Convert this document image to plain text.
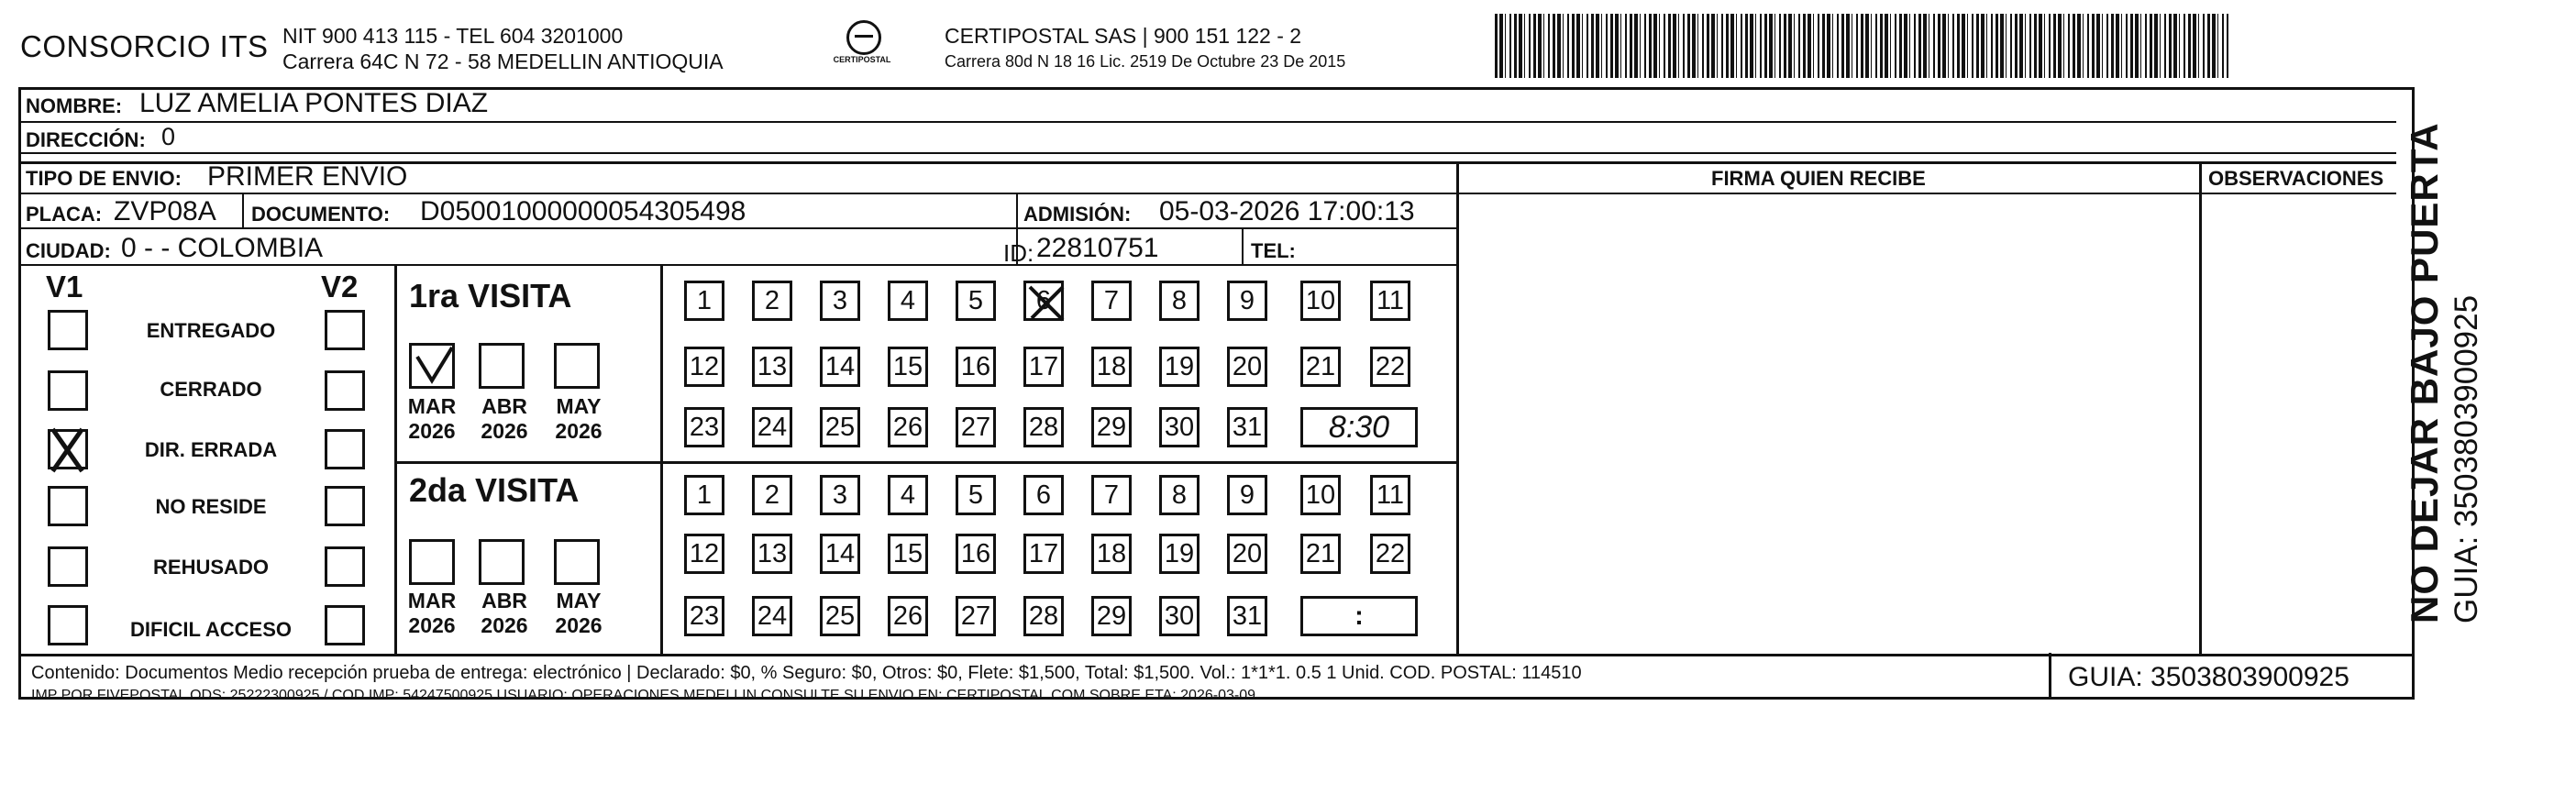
CONSORCIO ITS NIT 900 413 115 - TEL 604 3201000
Carrera 64C N 72 - 58 MEDELLIN ANTIOQUIA	CERTIPOSTAL
CERTIPOSTAL SAS | 900 151 122 - 2
Carrera 80d N 18 16 Lic. 2519 De Octubre 23 De 2015
NOMBRE: LUZ AMELIA PONTES DIAZ
DIRECCIÓN: 0
TIPO DE ENVIO: PRIMER ENVIO	FIRMA QUIEN RECIBE	OBSERVACIONES
PLACA: ZVP08A DOCUMENTO: D050010000000543054​98	ADMISIÓN: 05-03-2026 17:00:13
CIUDAD: 0 - - COLOMBIA	ID: 22810751	TEL:
V1	V2
ENTREGADO
CERRADO
DIR. ERRADA
NO RESIDE
REHUSADO
DIFICIL ACCESO
1ra VISITA
MAR
2026
ABR
2026
MAY
2026
1	2	3	4	5	6	7	8	9	10 11
12 13 14 15 16 17 18 19 20 21 22
23 24 25 26 27 28 29 30 31	8:30
2da VISITA
MAR
2026
ABR
2026
MAY
2026
1	2	3	4	5	6	7	8	9	10 11
12 13 14 15 16 17 18 19 20 21 22
23 24 25 26 27 28 29 30 31	:
Contenido: Documentos Medio recepción prueba de entrega: electrónico | Declarado: $0, % Seguro: $0, Otros: $0, Flete: $1,500, Total: $1,500. Vol.: 1*1*1. 0.5 1 Unid. COD. POSTAL: 114510
IMP POR FIVEPOSTAL ODS: 25222300925 / COD.IMP: 54247500925 USUARIO: OPERACIONES MEDELLIN CONSULTE SU ENVIO EN: CERTIPOSTAL.COM SOBRE ETA: 2026-03-09
GUIA: 3503803900925
NO DEJAR BAJO PUERTA GUIA: 3503803900925
